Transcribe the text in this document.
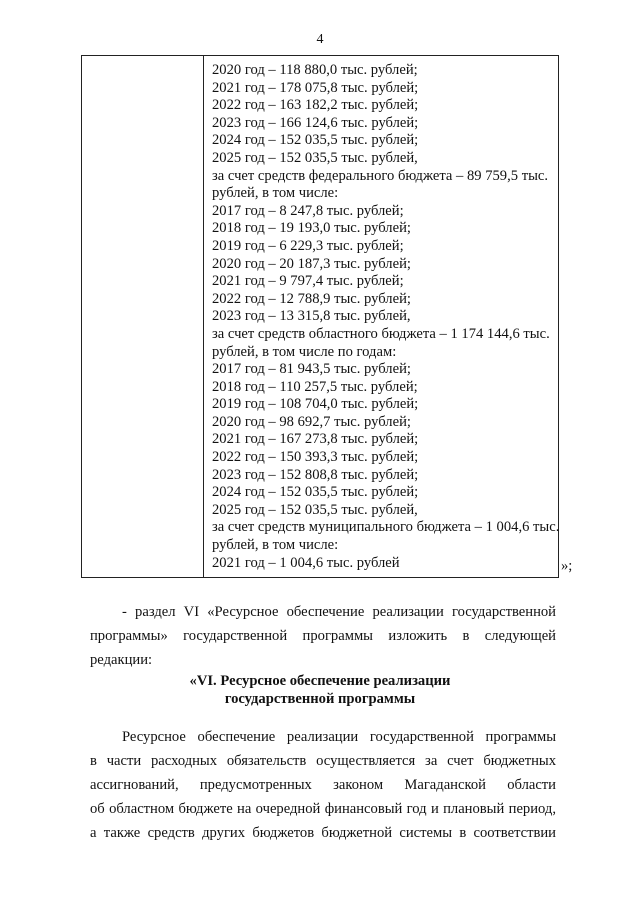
4
2020 год – 118 880,0 тыс. рублей;
2021 год – 178 075,8 тыс. рублей;
2022 год – 163 182,2 тыс. рублей;
2023 год – 166 124,6 тыс. рублей;
2024 год – 152 035,5 тыс. рублей;
2025 год – 152 035,5 тыс. рублей,
за счет средств федерального бюджета – 89 759,5 тыс.
рублей, в том числе:
2017 год – 8 247,8 тыс. рублей;
2018 год – 19 193,0 тыс. рублей;
2019 год – 6 229,3 тыс. рублей;
2020 год – 20 187,3 тыс. рублей;
2021 год – 9 797,4 тыс. рублей;
2022 год – 12 788,9 тыс. рублей;
2023 год – 13 315,8 тыс. рублей,
за счет средств областного бюджета – 1 174 144,6 тыс.
рублей, в том числе по годам:
2017 год – 81 943,5 тыс. рублей;
2018 год – 110 257,5 тыс. рублей;
2019 год – 108 704,0 тыс. рублей;
2020 год – 98 692,7 тыс. рублей;
2021 год – 167 273,8 тыс. рублей;
2022 год – 150 393,3 тыс. рублей;
2023 год – 152 808,8 тыс. рублей;
2024 год – 152 035,5 тыс. рублей;
2025 год – 152 035,5 тыс. рублей,
за счет средств муниципального бюджета – 1 004,6 тыс.
рублей, в том числе:
2021 год – 1 004,6 тыс. рублей	»;
- раздел VI «Ресурсное обеспечение реализации государственной
программы» государственной программы изложить в следующей
редакции:
«VI. Ресурсное обеспечение реализации
государственной программы
Ресурсное обеспечение реализации государственной программы
в части расходных обязательств осуществляется за счет бюджетных
ассигнований, предусмотренных законом Магаданской области
об областном бюджете на очередной финансовый год и плановый период,
а также средств других бюджетов бюджетной системы в соответствии
